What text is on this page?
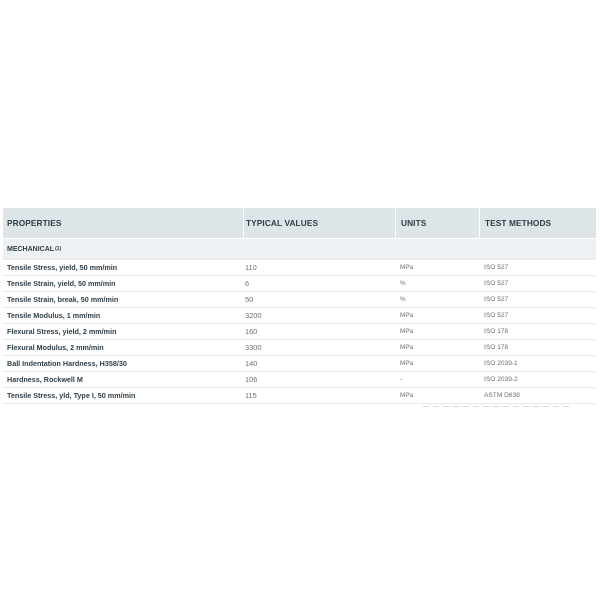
PROPERTIES	TYPICAL VALUES	UNITS	TEST METHODS
MECHANICAL (1)
Tensile Stress, yield, 50 mm/min	110	MPa	ISO 527
Tensile Strain, yield, 50 mm/min	6	%	ISO 527
Tensile Strain, break, 50 mm/min	50	%	ISO 527
Tensile Modulus, 1 mm/min	3200	MPa	ISO 527
Flexural Stress, yield, 2 mm/min	160	MPa	ISO 178
Flexural Modulus, 2 mm/min	3300	MPa	ISO 178
Ball Indentation Hardness, H358/30	140	MPa	ISO 2039-1
Hardness, Rockwell M	106	-	ISO 2039-2
Tensile Stress, yld, Type I, 50 mm/min	115	MPa	ASTM D638
